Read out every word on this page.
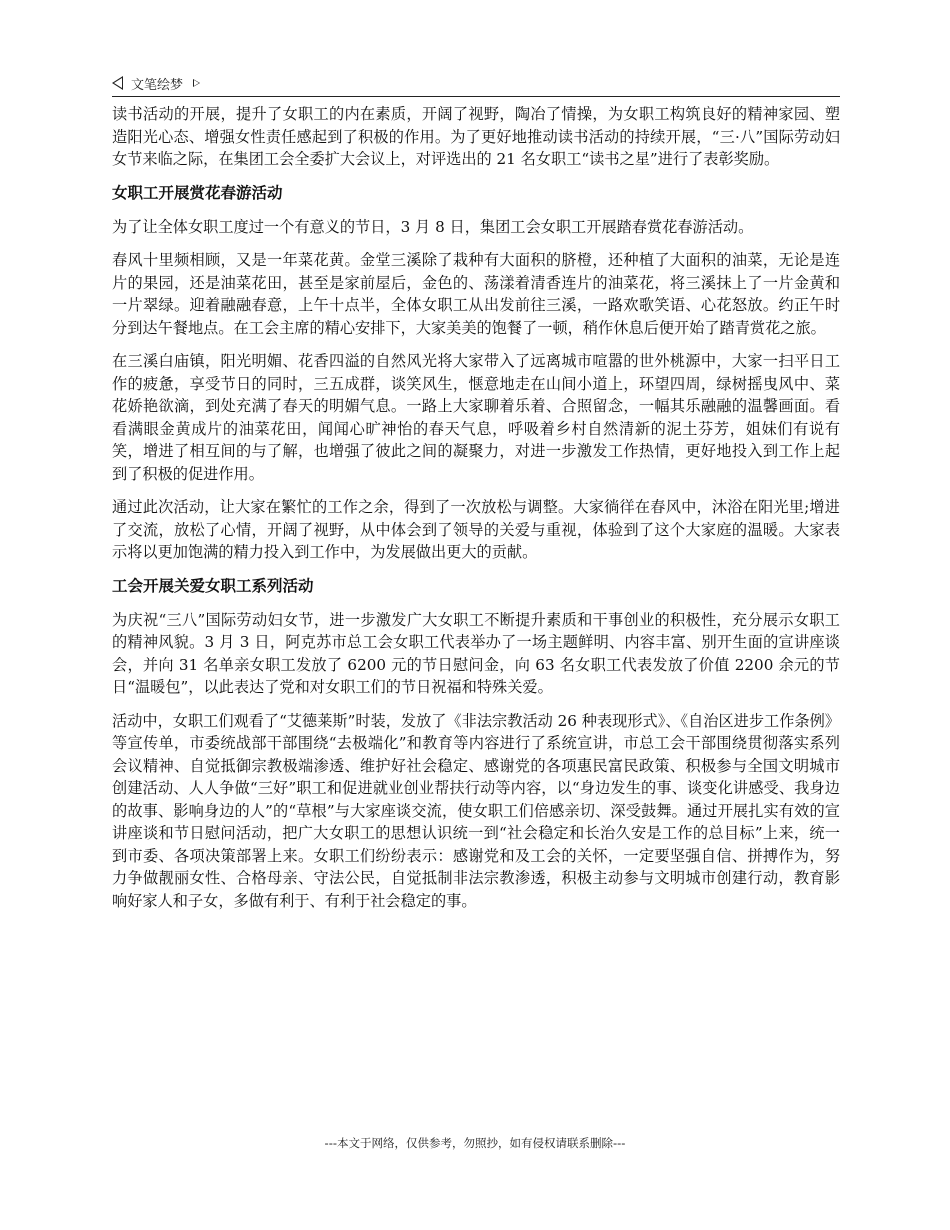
文笔绘梦

读书活动的开展，提升了女职工的内在素质，开阔了视野，陶冶了情操，为女职工构筑良好的精神家园、塑造阳光心态、增强女性责任感起到了积极的作用。为了更好地推动读书活动的持续开展，“三·八”国际劳动妇女节来临之际，在集团工会全委扩大会议上，对评选出的 21 名女职工“读书之星”进行了表彰奖励。

女职工开展赏花春游活动

为了让全体女职工度过一个有意义的节日，3 月 8 日，集团工会女职工开展踏春赏花春游活动。

春风十里频相顾，又是一年菜花黄。金堂三溪除了栽种有大面积的脐橙，还种植了大面积的油菜，无论是连片的果园，还是油菜花田，甚至是家前屋后，金色的、荡漾着清香连片的油菜花，将三溪抹上了一片金黄和一片翠绿。迎着融融春意，上午十点半，全体女职工从出发前往三溪，一路欢歌笑语、心花怒放。约正午时分到达午餐地点。在工会主席的精心安排下，大家美美的饱餐了一顿，稍作休息后便开始了踏青赏花之旅。

在三溪白庙镇，阳光明媚、花香四溢的自然风光将大家带入了远离城市喧嚣的世外桃源中，大家一扫平日工作的疲惫，享受节日的同时，三五成群，谈笑风生，惬意地走在山间小道上，环望四周，绿树摇曳风中、菜花娇艳欲滴，到处充满了春天的明媚气息。一路上大家聊着乐着、合照留念，一幅其乐融融的温馨画面。看看满眼金黄成片的油菜花田，闻闻心旷神怡的春天气息，呼吸着乡村自然清新的泥土芬芳，姐妹们有说有笑，增进了相互间的与了解，也增强了彼此之间的凝聚力，对进一步激发工作热情，更好地投入到工作上起到了积极的促进作用。

通过此次活动，让大家在繁忙的工作之余，得到了一次放松与调整。大家徜徉在春风中，沐浴在阳光里;增进了交流，放松了心情，开阔了视野，从中体会到了领导的关爱与重视，体验到了这个大家庭的温暖。大家表示将以更加饱满的精力投入到工作中，为发展做出更大的贡献。

工会开展关爱女职工系列活动

为庆祝“三八”国际劳动妇女节，进一步激发广大女职工不断提升素质和干事创业的积极性，充分展示女职工的精神风貌。3 月 3 日，阿克苏市总工会女职工代表举办了一场主题鲜明、内容丰富、别开生面的宣讲座谈会，并向 31 名单亲女职工发放了 6200 元的节日慰问金，向 63 名女职工代表发放了价值 2200 余元的节日“温暖包”，以此表达了党和对女职工们的节日祝福和特殊关爱。

活动中，女职工们观看了“艾德莱斯”时装，发放了《非法宗教活动 26 种表现形式》、《自治区进步工作条例》等宣传单，市委统战部干部围绕“去极端化”和教育等内容进行了系统宣讲，市总工会干部围绕贯彻落实系列会议精神、自觉抵御宗教极端渗透、维护好社会稳定、感谢党的各项惠民富民政策、积极参与全国文明城市创建活动、人人争做“三好”职工和促进就业创业帮扶行动等内容，以“身边发生的事、谈变化讲感受、我身边的故事、影响身边的人”的“草根”与大家座谈交流，使女职工们倍感亲切、深受鼓舞。通过开展扎实有效的宣讲座谈和节日慰问活动，把广大女职工的思想认识统一到“社会稳定和长治久安是工作的总目标”上来，统一到市委、各项决策部署上来。女职工们纷纷表示：感谢党和及工会的关怀，一定要坚强自信、拼搏作为，努力争做靓丽女性、合格母亲、守法公民，自觉抵制非法宗教渗透，积极主动参与文明城市创建行动，教育影响好家人和子女，多做有利于、有利于社会稳定的事。

---本文于网络，仅供参考，勿照抄，如有侵权请联系删除---
